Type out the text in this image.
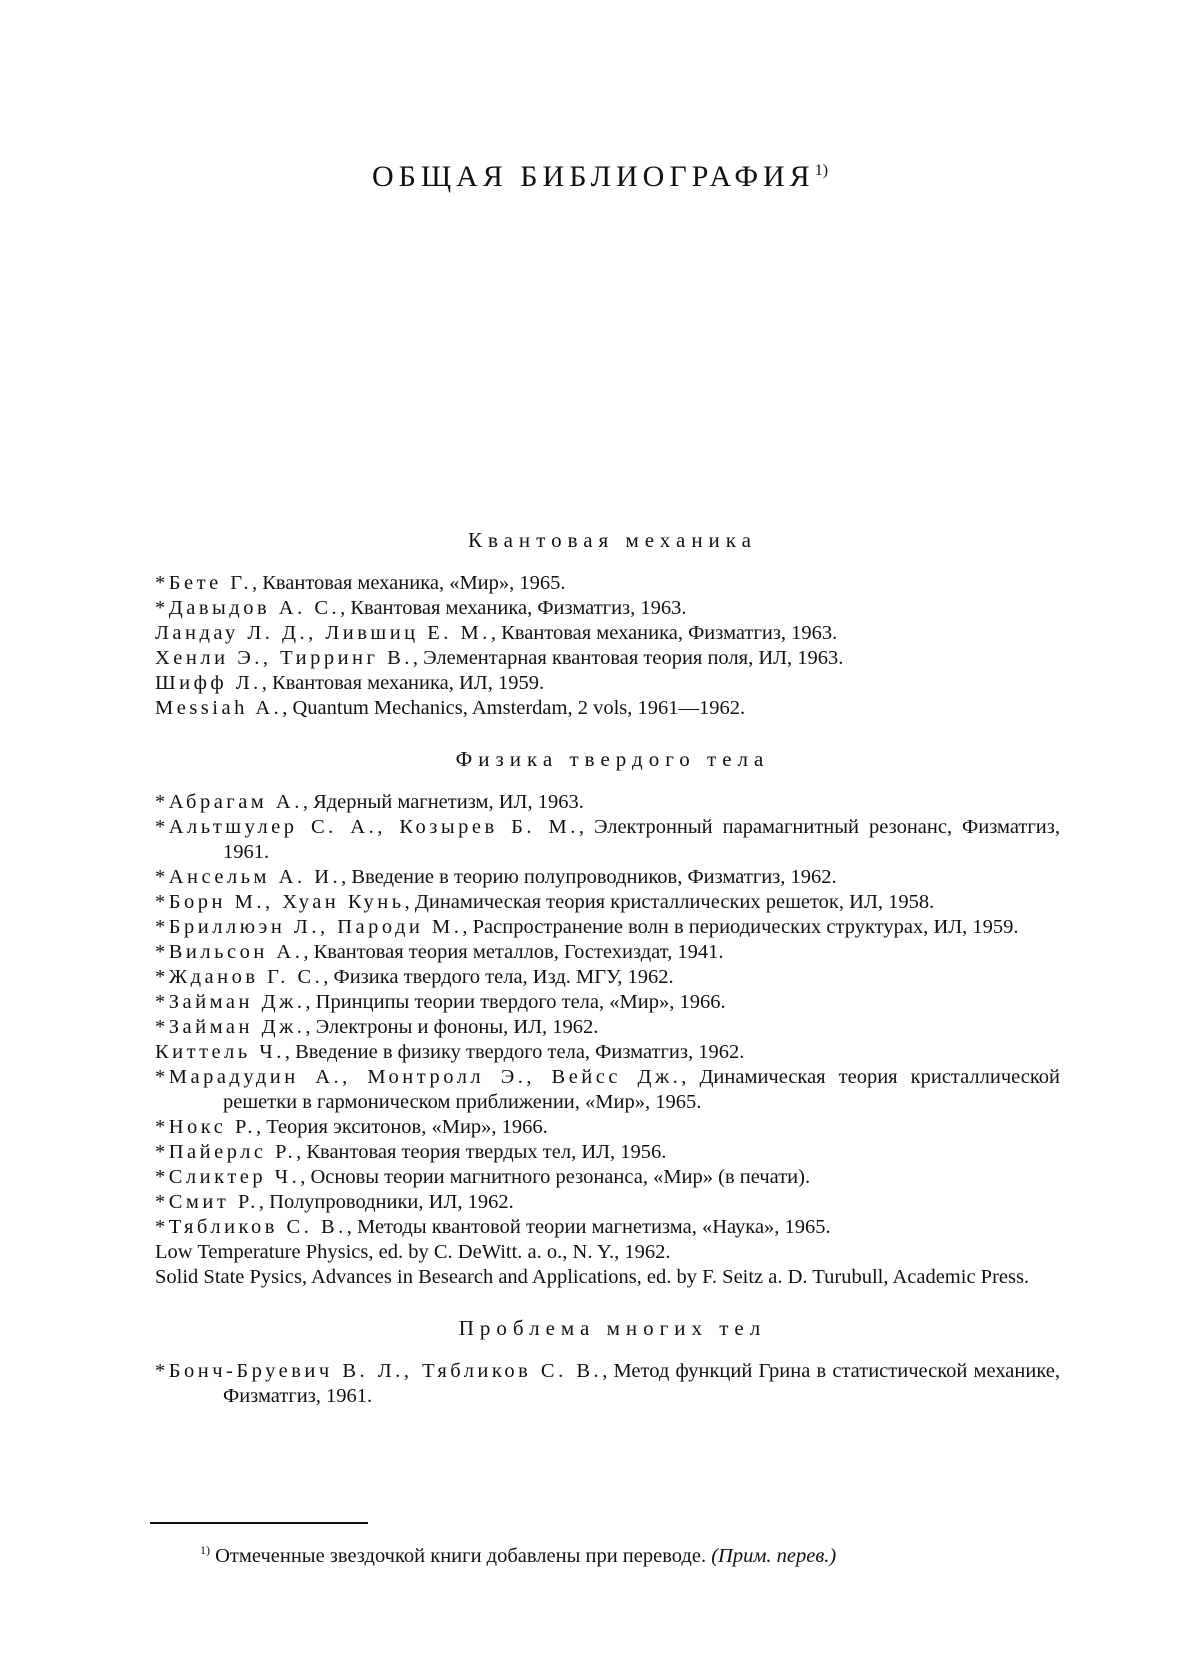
ОБЩАЯ БИБЛИОГРАФИЯ$^{1)}$
Квантовая механика

*Бете Г., Квантовая механика, «Мир», 1965.

*Давыдов А. С., Квантовая механика, Физматгиз, 1963.

Ландау Л. Д., Лившиц Е. М., Квантовая механика, Физматгиз, 1963.

Хенли Э., Тирринг В., Элементарная квантовая теория поля, ИЛ, 1963.

Шифф Л., Квантовая механика, ИЛ, 1959.

Messiah A., Quantum Mechanics, Amsterdam, 2 vols, 1961—1962.

Физика твердого тела

*Абрагам А., Ядерный магнетизм, ИЛ, 1963.

*Альтшулер С. А., Козырев Б. М., Электронный парамагнитный резонанс, Физматгиз, 1961.

*Ансельм А. И., Введение в теорию полупроводников, Физматгиз, 1962.

*Борн М., Хуан Кунь, Динамическая теория кристаллических решеток, ИЛ, 1958.

*Бриллюэн Л., Пароди М., Распространение волн в периодических структурах, ИЛ, 1959.

*Вильсон А., Квантовая теория металлов, Гостехиздат, 1941.

*Жданов Г. С., Физика твердого тела, Изд. МГУ, 1962.

*Займан Дж., Принципы теории твердого тела, «Мир», 1966.

*Займан Дж., Электроны и фононы, ИЛ, 1962.

Киттель Ч., Введение в физику твердого тела, Физматгиз, 1962.

*Марадудин А., Монтролл Э., Вейсс Дж., Динамическая теория кристаллической решетки в гармоническом приближении, «Мир», 1965.

*Нокс Р., Теория экситонов, «Мир», 1966.

*Пайерлс Р., Квантовая теория твердых тел, ИЛ, 1956.

*Сликтер Ч., Основы теории магнитного резонанса, «Мир» (в печати).

*Смит Р., Полупроводники, ИЛ, 1962.

*Тябликов С. В., Методы квантовой теории магнетизма, «Наука», 1965.

Low Temperature Physics, ed. by C. DeWitt. a. o., N. Y., 1962.

Solid State Pysics, Advances in Besearch and Applications, ed. by F. Seitz a. D. Turubull, Academic Press.

Проблема многих тел

*Бонч-Бруевич В. Л., Тябликов С. В., Метод функций Грина в статистической механике, Физматгиз, 1961.

$^{1)}$ Отмеченные звездочкой книги добавлены при переводе. (Прим. перев.)
